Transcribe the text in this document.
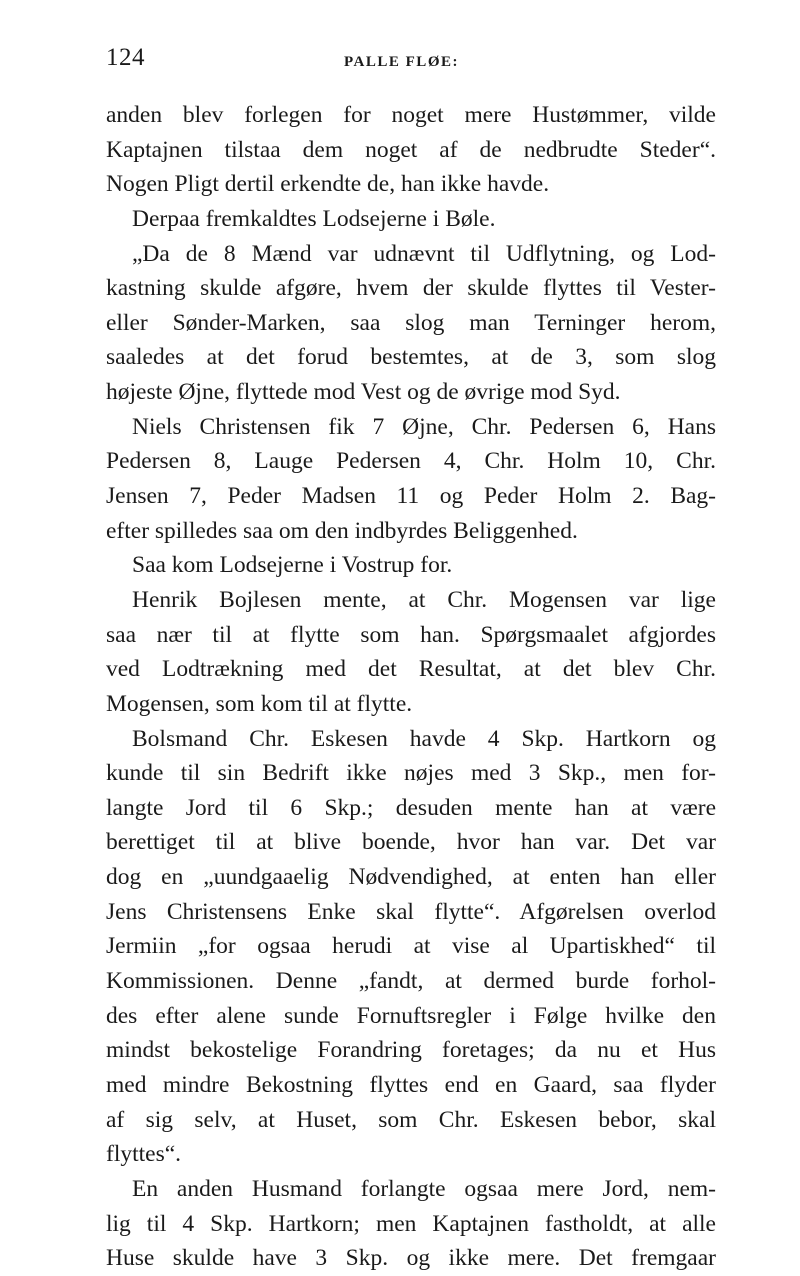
124	PALLE FLØE:
anden blev forlegen for noget mere Hustømmer, vilde
Kaptajnen tilstaa dem noget af de nedbrudte Steder“.
Nogen Pligt dertil erkendte de, han ikke havde.
Derpaa fremkaldtes Lodsejerne i Bøle.
„Da de 8 Mænd var udnævnt til Udflytning, og Lod-
kastning skulde afgøre, hvem der skulde flyttes til Vester-
eller Sønder-Marken, saa slog man Terninger herom,
saaledes at det forud bestemtes, at de 3, som slog
højeste Øjne, flyttede mod Vest og de øvrige mod Syd.
Niels Christensen fik 7 Øjne, Chr. Pedersen 6, Hans
Pedersen 8, Lauge Pedersen 4, Chr. Holm 10, Chr.
Jensen 7, Peder Madsen 11 og Peder Holm 2. Bag-
efter spilledes saa om den indbyrdes Beliggenhed.
Saa kom Lodsejerne i Vostrup for.
Henrik Bojlesen mente, at Chr. Mogensen var lige
saa nær til at flytte som han. Spørgsmaalet afgjordes
ved Lodtrækning med det Resultat, at det blev Chr.
Mogensen, som kom til at flytte.
Bolsmand Chr. Eskesen havde 4 Skp. Hartkorn og
kunde til sin Bedrift ikke nøjes med 3 Skp., men for-
langte Jord til 6 Skp.; desuden mente han at være
berettiget til at blive boende, hvor han var. Det var
dog en „uundgaaelig Nødvendighed, at enten han eller
Jens Christensens Enke skal flytte“. Afgørelsen overlod
Jermiin „for ogsaa herudi at vise al Upartiskhed“ til
Kommissionen. Denne „fandt, at dermed burde forhol-
des efter alene sunde Fornuftsregler i Følge hvilke den
mindst bekostelige Forandring foretages; da nu et Hus
med mindre Bekostning flyttes end en Gaard, saa flyder
af sig selv, at Huset, som Chr. Eskesen bebor, skal
flyttes“.
En anden Husmand forlangte ogsaa mere Jord, nem-
lig til 4 Skp. Hartkorn; men Kaptajnen fastholdt, at alle
Huse skulde have 3 Skp. og ikke mere. Det fremgaar
